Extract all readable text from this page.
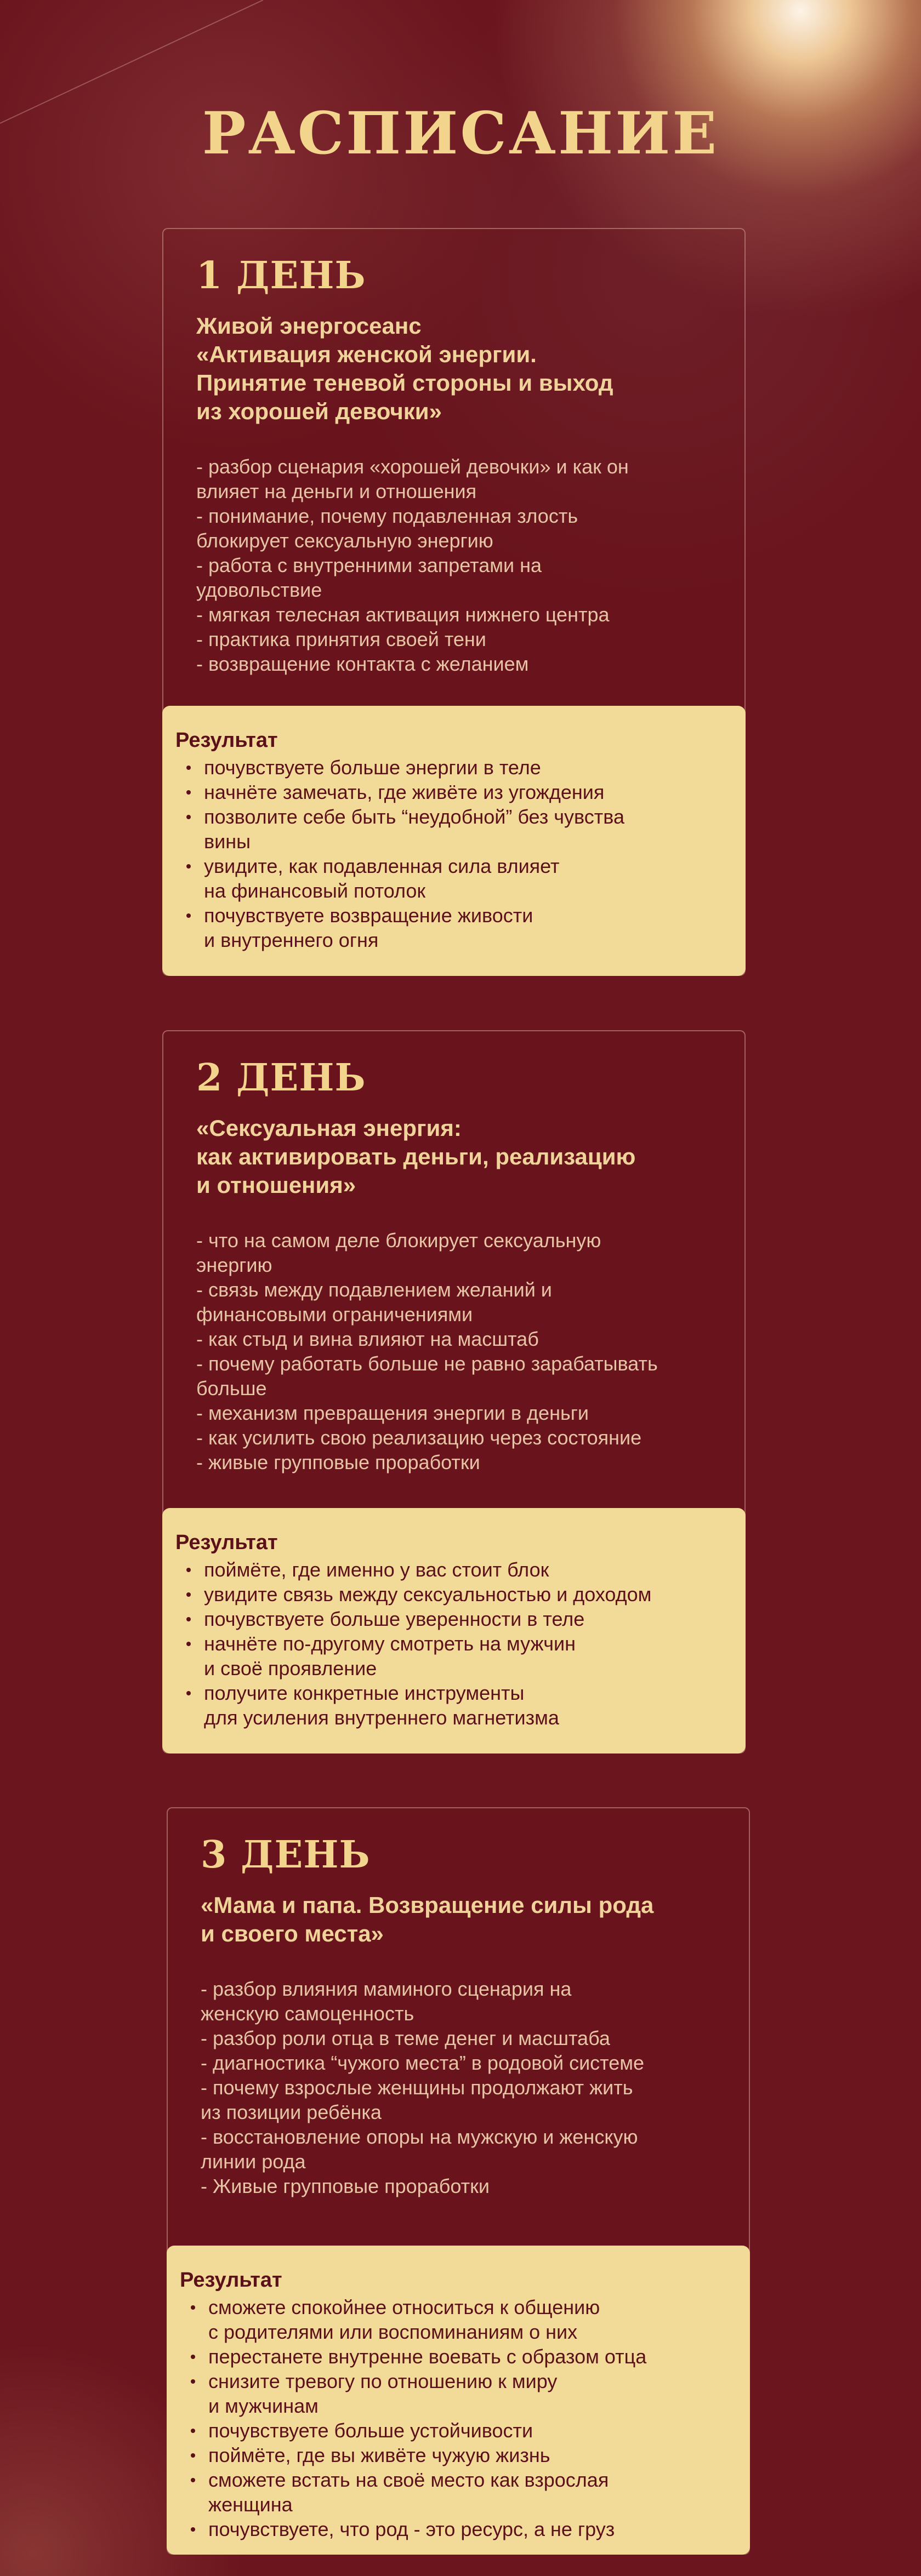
РАСПИСАНИЕ
1 ДЕНЬ
Живой энергосеанс
«Активация женской энергии.
Принятие теневой стороны и выход
из хорошей девочки»
- разбор сценария «хорошей девочки» и как он
влияет на деньги и отношения
- понимание, почему подавленная злость
блокирует сексуальную энергию
- работа с внутренними запретами на
удовольствие
- мягкая телесная активация нижнего центра
- практика принятия своей тени
- возвращение контакта с желанием
Результат
почувствуете больше энергии в теле
начнёте замечать, где живёте из угождения
позволите себе быть “неудобной” без чувства
вины
увидите, как подавленная сила влияет
на финансовый потолок
почувствуете возвращение живости
и внутреннего огня
2 ДЕНЬ
«Сексуальная энергия:
как активировать деньги, реализацию
и отношения»
- что на самом деле блокирует сексуальную
энергию
- связь между подавлением желаний и
финансовыми ограничениями
- как стыд и вина влияют на масштаб
- почему работать больше не равно зарабатывать
больше
- механизм превращения энергии в деньги
- как усилить свою реализацию через состояние
- живые групповые проработки
Результат
поймёте, где именно у вас стоит блок
увидите связь между сексуальностью и доходом
почувствуете больше уверенности в теле
начнёте по-другому смотреть на мужчин
и своё проявление
получите конкретные инструменты
для усиления внутреннего магнетизма
3 ДЕНЬ
«Мама и папа. Возвращение силы рода
и своего места»
- разбор влияния маминого сценария на
женскую самоценность
- разбор роли отца в теме денег и масштаба
- диагностика “чужого места” в родовой системе
- почему взрослые женщины продолжают жить
из позиции ребёнка
- восстановление опоры на мужскую и женскую
линии рода
- Живые групповые проработки
Результат
сможете спокойнее относиться к общению
с родителями или воспоминаниям о них
перестанете внутренне воевать с образом отца
снизите тревогу по отношению к миру
и мужчинам
почувствуете больше устойчивости
поймёте, где вы живёте чужую жизнь
сможете встать на своё место как взрослая
женщина
почувствуете, что род - это ресурс, а не груз
